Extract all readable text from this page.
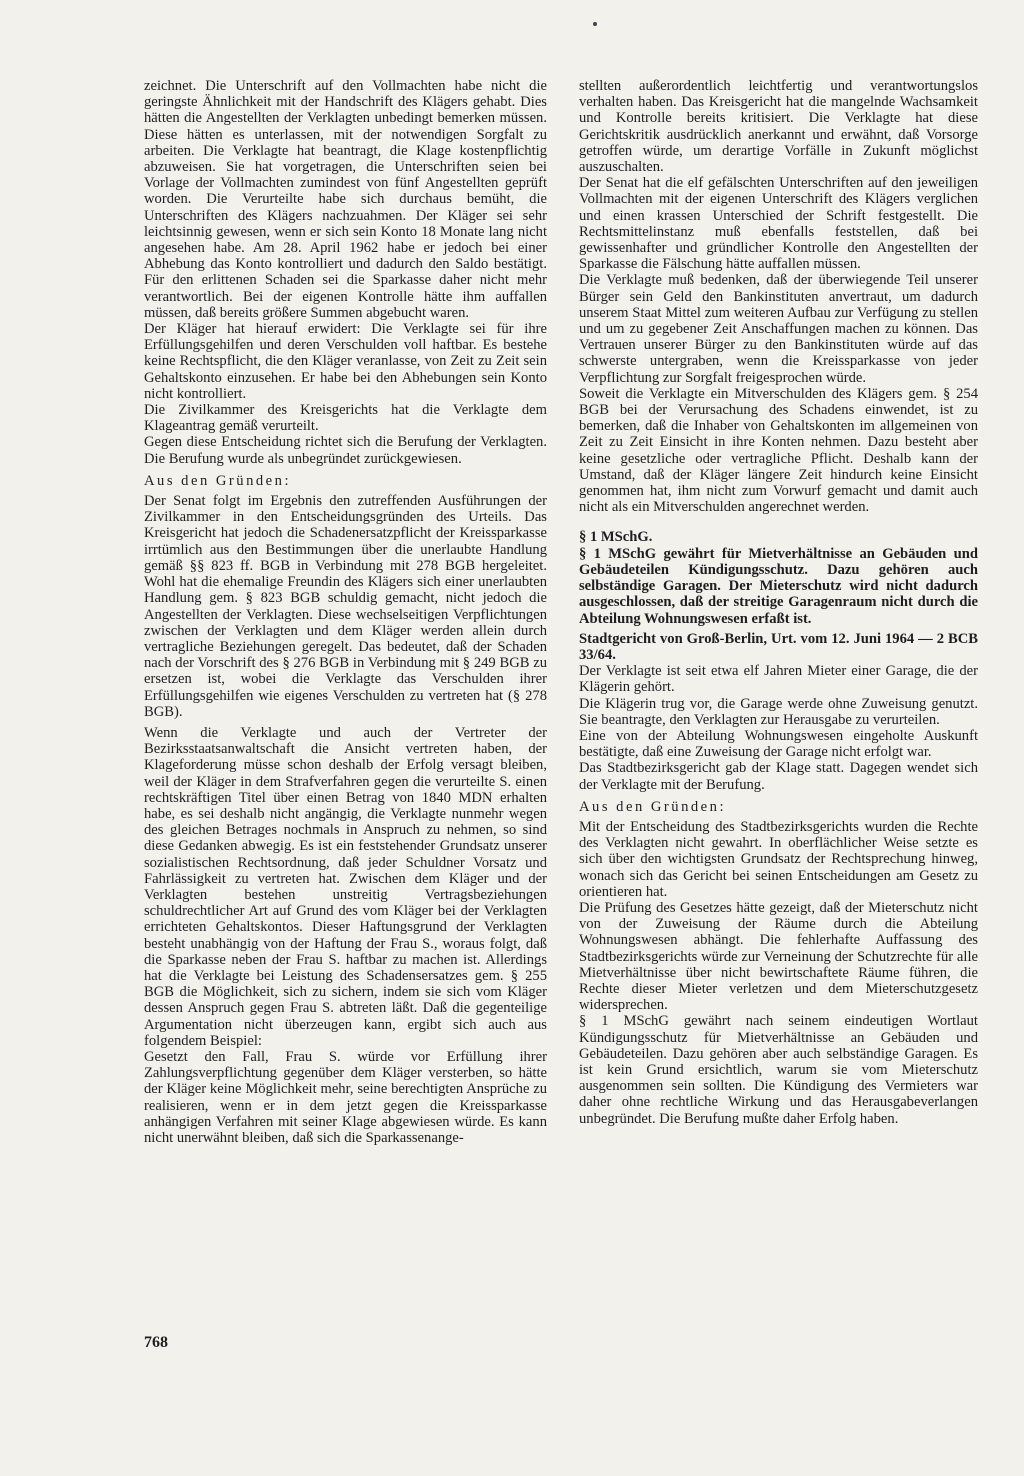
zeichnet. Die Unterschrift auf den Vollmachten habe nicht die geringste Ähnlichkeit mit der Handschrift des Klägers gehabt. Dies hätten die Angestellten der Verklagten unbedingt bemerken müssen. Diese hätten es unterlassen, mit der notwendigen Sorgfalt zu arbeiten. Die Verklagte hat beantragt, die Klage kostenpflichtig abzuweisen. Sie hat vorgetragen, die Unterschriften seien bei Vorlage der Vollmachten zumindest von fünf Angestellten geprüft worden. Die Verurteilte habe sich durchaus bemüht, die Unterschriften des Klägers nachzuahmen. Der Kläger sei sehr leichtsinnig gewesen, wenn er sich sein Konto 18 Monate lang nicht angesehen habe. Am 28. April 1962 habe er jedoch bei einer Abhebung das Konto kontrolliert und dadurch den Saldo bestätigt. Für den erlittenen Schaden sei die Sparkasse daher nicht mehr verantwortlich. Bei der eigenen Kontrolle hätte ihm auffallen müssen, daß bereits größere Summen abgebucht waren.

Der Kläger hat hierauf erwidert: Die Verklagte sei für ihre Erfüllungsgehilfen und deren Verschulden voll haftbar. Es bestehe keine Rechtspflicht, die den Kläger veranlasse, von Zeit zu Zeit sein Gehaltskonto einzusehen. Er habe bei den Abhebungen sein Konto nicht kontrolliert.

Die Zivilkammer des Kreisgerichts hat die Verklagte dem Klageantrag gemäß verurteilt.

Gegen diese Entscheidung richtet sich die Berufung der Verklagten. Die Berufung wurde als unbegründet zurückgewiesen.

Aus den Gründen:

Der Senat folgt im Ergebnis den zutreffenden Ausführungen der Zivilkammer in den Entscheidungsgründen des Urteils. Das Kreisgericht hat jedoch die Schadenersatzpflicht der Kreissparkasse irrtümlich aus den Bestimmungen über die unerlaubte Handlung gemäß §§ 823 ff. BGB in Verbindung mit 278 BGB hergeleitet. Wohl hat die ehemalige Freundin des Klägers sich einer unerlaubten Handlung gem. § 823 BGB schuldig gemacht, nicht jedoch die Angestellten der Verklagten. Diese wechselseitigen Verpflichtungen zwischen der Verklagten und dem Kläger werden allein durch vertragliche Beziehungen geregelt. Das bedeutet, daß der Schaden nach der Vorschrift des § 276 BGB in Verbindung mit § 249 BGB zu ersetzen ist, wobei die Verklagte das Verschulden ihrer Erfüllungsgehilfen wie eigenes Verschulden zu vertreten hat (§ 278 BGB).

Wenn die Verklagte und auch der Vertreter der Bezirksstaatsanwaltschaft die Ansicht vertreten haben, der Klageforderung müsse schon deshalb der Erfolg versagt bleiben, weil der Kläger in dem Strafverfahren gegen die verurteilte S. einen rechtskräftigen Titel über einen Betrag von 1840 MDN erhalten habe, es sei deshalb nicht angängig, die Verklagte nunmehr wegen des gleichen Betrages nochmals in Anspruch zu nehmen, so sind diese Gedanken abwegig. Es ist ein feststehender Grundsatz unserer sozialistischen Rechtsordnung, daß jeder Schuldner Vorsatz und Fahrlässigkeit zu vertreten hat. Zwischen dem Kläger und der Verklagten bestehen unstreitig Vertragsbeziehungen schuldrechtlicher Art auf Grund des vom Kläger bei der Verklagten errichteten Gehaltskontos. Dieser Haftungsgrund der Verklagten besteht unabhängig von der Haftung der Frau S., woraus folgt, daß die Sparkasse neben der Frau S. haftbar zu machen ist. Allerdings hat die Verklagte bei Leistung des Schadensersatzes gem. § 255 BGB die Möglichkeit, sich zu sichern, indem sie sich vom Kläger dessen Anspruch gegen Frau S. abtreten läßt. Daß die gegenteilige Argumentation nicht überzeugen kann, ergibt sich auch aus folgendem Beispiel:

Gesetzt den Fall, Frau S. würde vor Erfüllung ihrer Zahlungsverpflichtung gegenüber dem Kläger versterben, so hätte der Kläger keine Möglichkeit mehr, seine berechtigten Ansprüche zu realisieren, wenn er in dem jetzt gegen die Kreissparkasse anhängigen Verfahren mit seiner Klage abgewiesen würde. Es kann nicht unerwähnt bleiben, daß sich die Sparkassenange-

stellten außerordentlich leichtfertig und verantwortungslos verhalten haben. Das Kreisgericht hat die mangelnde Wachsamkeit und Kontrolle bereits kritisiert. Die Verklagte hat diese Gerichtskritik ausdrücklich anerkannt und erwähnt, daß Vorsorge getroffen würde, um derartige Vorfälle in Zukunft möglichst auszuschalten.

Der Senat hat die elf gefälschten Unterschriften auf den jeweiligen Vollmachten mit der eigenen Unterschrift des Klägers verglichen und einen krassen Unterschied der Schrift festgestellt. Die Rechtsmittelinstanz muß ebenfalls feststellen, daß bei gewissenhafter und gründlicher Kontrolle den Angestellten der Sparkasse die Fälschung hätte auffallen müssen.

Die Verklagte muß bedenken, daß der überwiegende Teil unserer Bürger sein Geld den Bankinstituten anvertraut, um dadurch unserem Staat Mittel zum weiteren Aufbau zur Verfügung zu stellen und um zu gegebener Zeit Anschaffungen machen zu können. Das Vertrauen unserer Bürger zu den Bankinstituten würde auf das schwerste untergraben, wenn die Kreissparkasse von jeder Verpflichtung zur Sorgfalt freigesprochen würde.

Soweit die Verklagte ein Mitverschulden des Klägers gem. § 254 BGB bei der Verursachung des Schadens einwendet, ist zu bemerken, daß die Inhaber von Gehaltskonten im allgemeinen von Zeit zu Zeit Einsicht in ihre Konten nehmen. Dazu besteht aber keine gesetzliche oder vertragliche Pflicht. Deshalb kann der Umstand, daß der Kläger längere Zeit hindurch keine Einsicht genommen hat, ihm nicht zum Vorwurf gemacht und damit auch nicht als ein Mitverschulden angerechnet werden.

§ 1 MSchG.

§ 1 MSchG gewährt für Mietverhältnisse an Gebäuden und Gebäudeteilen Kündigungsschutz. Dazu gehören auch selbständige Garagen. Der Mieterschutz wird nicht dadurch ausgeschlossen, daß der streitige Garagenraum nicht durch die Abteilung Wohnungswesen erfaßt ist.

Stadtgericht von Groß-Berlin, Urt. vom 12. Juni 1964 — 2 BCB 33/64.

Der Verklagte ist seit etwa elf Jahren Mieter einer Garage, die der Klägerin gehört.

Die Klägerin trug vor, die Garage werde ohne Zuweisung genutzt. Sie beantragte, den Verklagten zur Herausgabe zu verurteilen.

Eine von der Abteilung Wohnungswesen eingeholte Auskunft bestätigte, daß eine Zuweisung der Garage nicht erfolgt war.

Das Stadtbezirksgericht gab der Klage statt. Dagegen wendet sich der Verklagte mit der Berufung.

Aus den Gründen:

Mit der Entscheidung des Stadtbezirksgerichts wurden die Rechte des Verklagten nicht gewahrt. In oberflächlicher Weise setzte es sich über den wichtigsten Grundsatz der Rechtsprechung hinweg, wonach sich das Gericht bei seinen Entscheidungen am Gesetz zu orientieren hat.

Die Prüfung des Gesetzes hätte gezeigt, daß der Mieterschutz nicht von der Zuweisung der Räume durch die Abteilung Wohnungswesen abhängt. Die fehlerhafte Auffassung des Stadtbezirksgerichts würde zur Verneinung der Schutzrechte für alle Mietverhältnisse über nicht bewirtschaftete Räume führen, die Rechte dieser Mieter verletzen und dem Mieterschutzgesetz widersprechen.

§ 1 MSchG gewährt nach seinem eindeutigen Wortlaut Kündigungsschutz für Mietverhältnisse an Gebäuden und Gebäudeteilen. Dazu gehören aber auch selbständige Garagen. Es ist kein Grund ersichtlich, warum sie vom Mieterschutz ausgenommen sein sollten. Die Kündigung des Vermieters war daher ohne rechtliche Wirkung und das Herausgabeverlangen unbegründet. Die Berufung mußte daher Erfolg haben.

768
